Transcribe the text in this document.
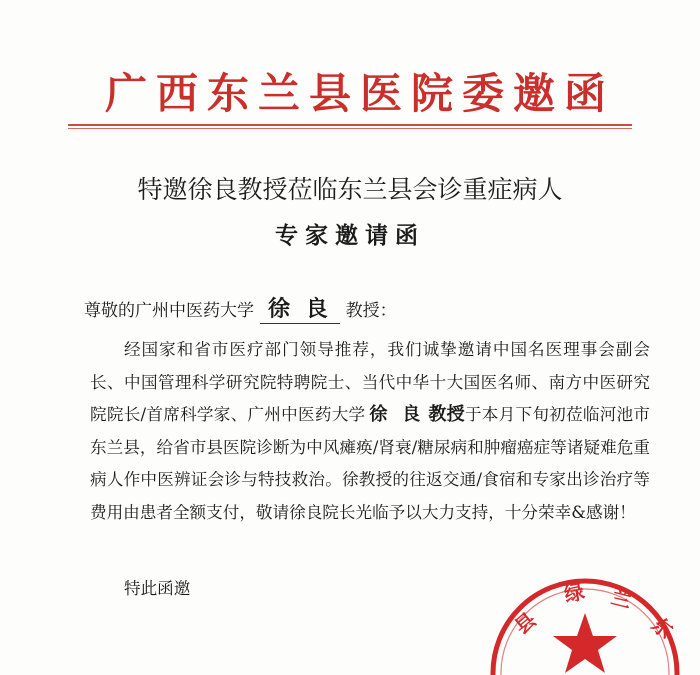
广西东兰县医院委邀函
特邀徐良教授莅临东兰县会诊重症病人
专家邀请函
尊敬的广州中医药大学 徐 良 教授：
经国家和省市医疗部门领导推荐，我们诚挚邀请中国名医理事会副会长、中国管理科学研究院特聘院士、当代中华十大国医名师、南方中医研究院院长/首席科学家、广州中医药大学 徐 良 教授于本月下旬初莅临河池市东兰县，给省市县医院诊断为中风瘫痪/肾衰/糖尿病和肿瘤癌症等诸疑难危重病人作中医辨证会诊与特技救治。徐教授的往返交通/食宿和专家出诊治疗等费用由患者全额支付，敬请徐良院长光临予以大力支持，十分荣幸&感谢！
特此函邀
县
绿 兰
东
